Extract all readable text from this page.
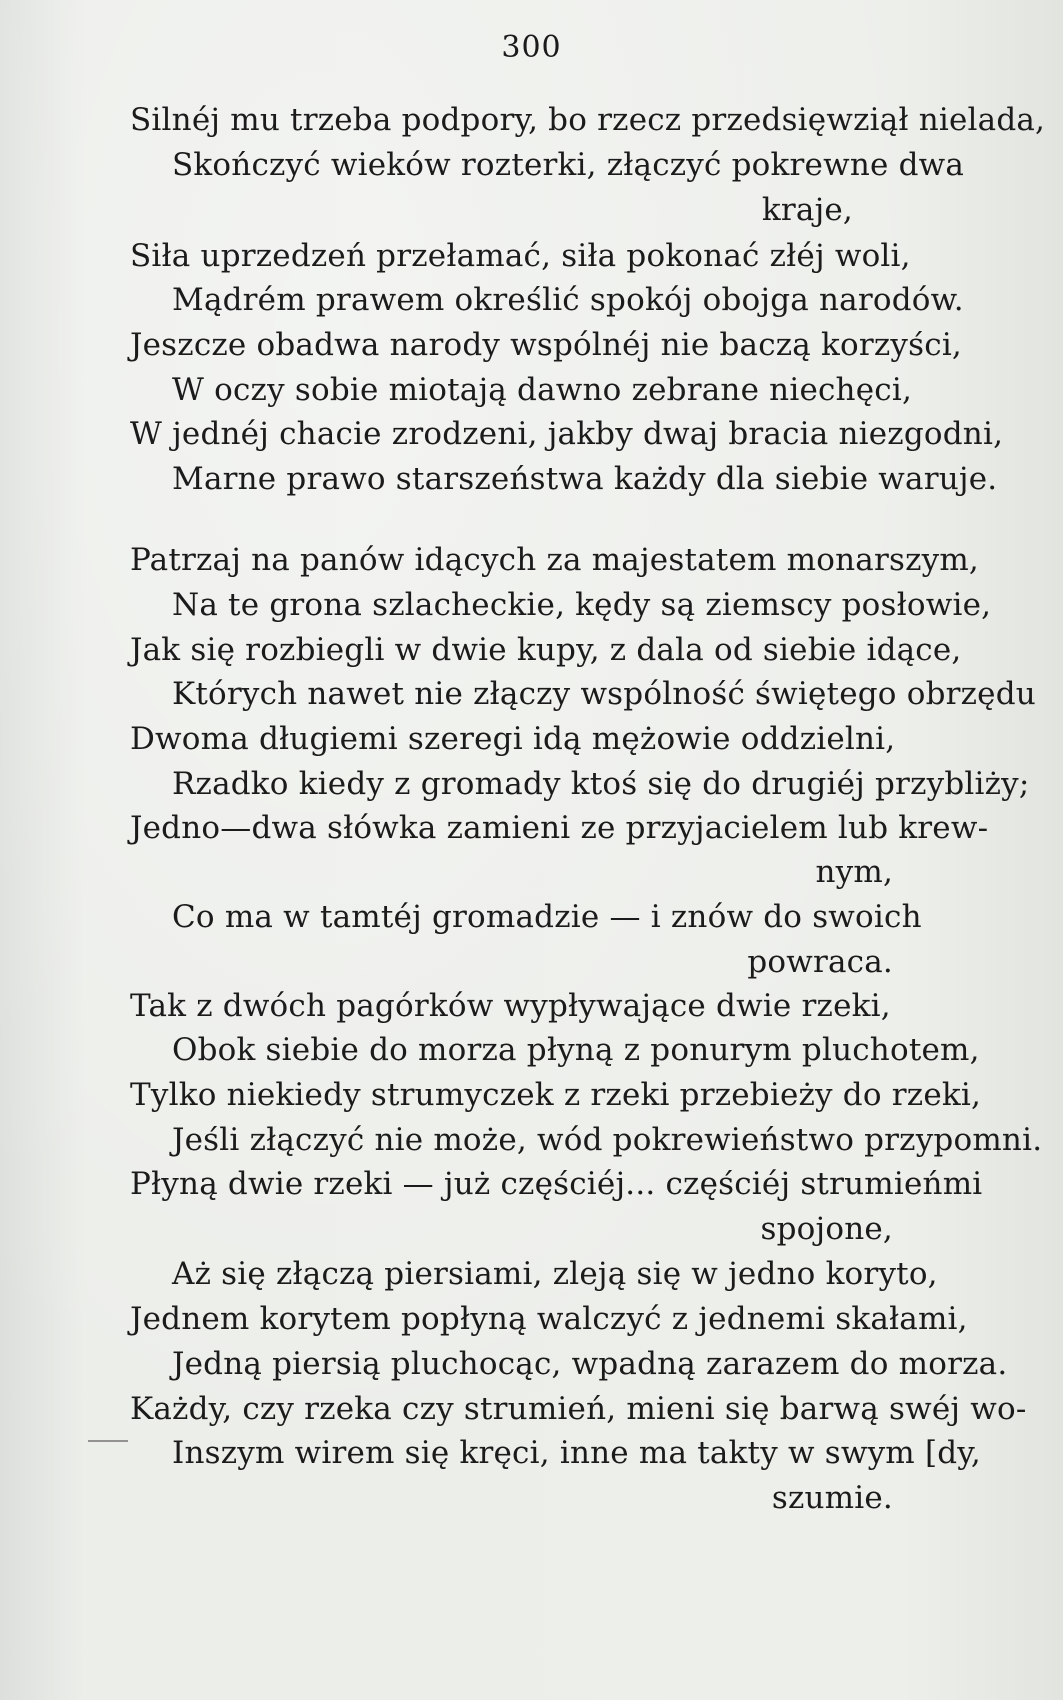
300
Silnéj mu trzeba podpory, bo rzecz przedsięwziął nielada,
Skończyć wieków rozterki, złączyć pokrewne dwa
kraje,
Siła uprzedzeń przełamać, siła pokonać złéj woli,
Mądrém prawem określić spokój obojga narodów.
Jeszcze obadwa narody wspólnéj nie baczą korzyści,
W oczy sobie miotają dawno zebrane niechęci,
W jednéj chacie zrodzeni, jakby dwaj bracia niezgodni,
Marne prawo starszeństwa każdy dla siebie waruje.
Patrzaj na panów idących za majestatem monarszym,
Na te grona szlacheckie, kędy są ziemscy posłowie,
Jak się rozbiegli w dwie kupy, z dala od siebie idące,
Których nawet nie złączy wspólność świętego obrzędu
Dwoma długiemi szeregi idą mężowie oddzielni,
Rzadko kiedy z gromady ktoś się do drugiéj przybliży;
Jedno—dwa słówka zamieni ze przyjacielem lub krew-
nym,
Co ma w tamtéj gromadzie — i znów do swoich
powraca.
Tak z dwóch pagórków wypływające dwie rzeki,
Obok siebie do morza płyną z ponurym pluchotem,
Tylko niekiedy strumyczek z rzeki przebieży do rzeki,
Jeśli złączyć nie może, wód pokrewieństwo przypomni.
Płyną dwie rzeki — już częściéj... częściéj strumieńmi
spojone,
Aż się złączą piersiami, zleją się w jedno koryto,
Jednem korytem popłyną walczyć z jednemi skałami,
Jedną piersią pluchocąc, wpadną zarazem do morza.
Każdy, czy rzeka czy strumień, mieni się barwą swéj wo-
Inszym wirem się kręci, inne ma takty w swym [dy,
szumie.
